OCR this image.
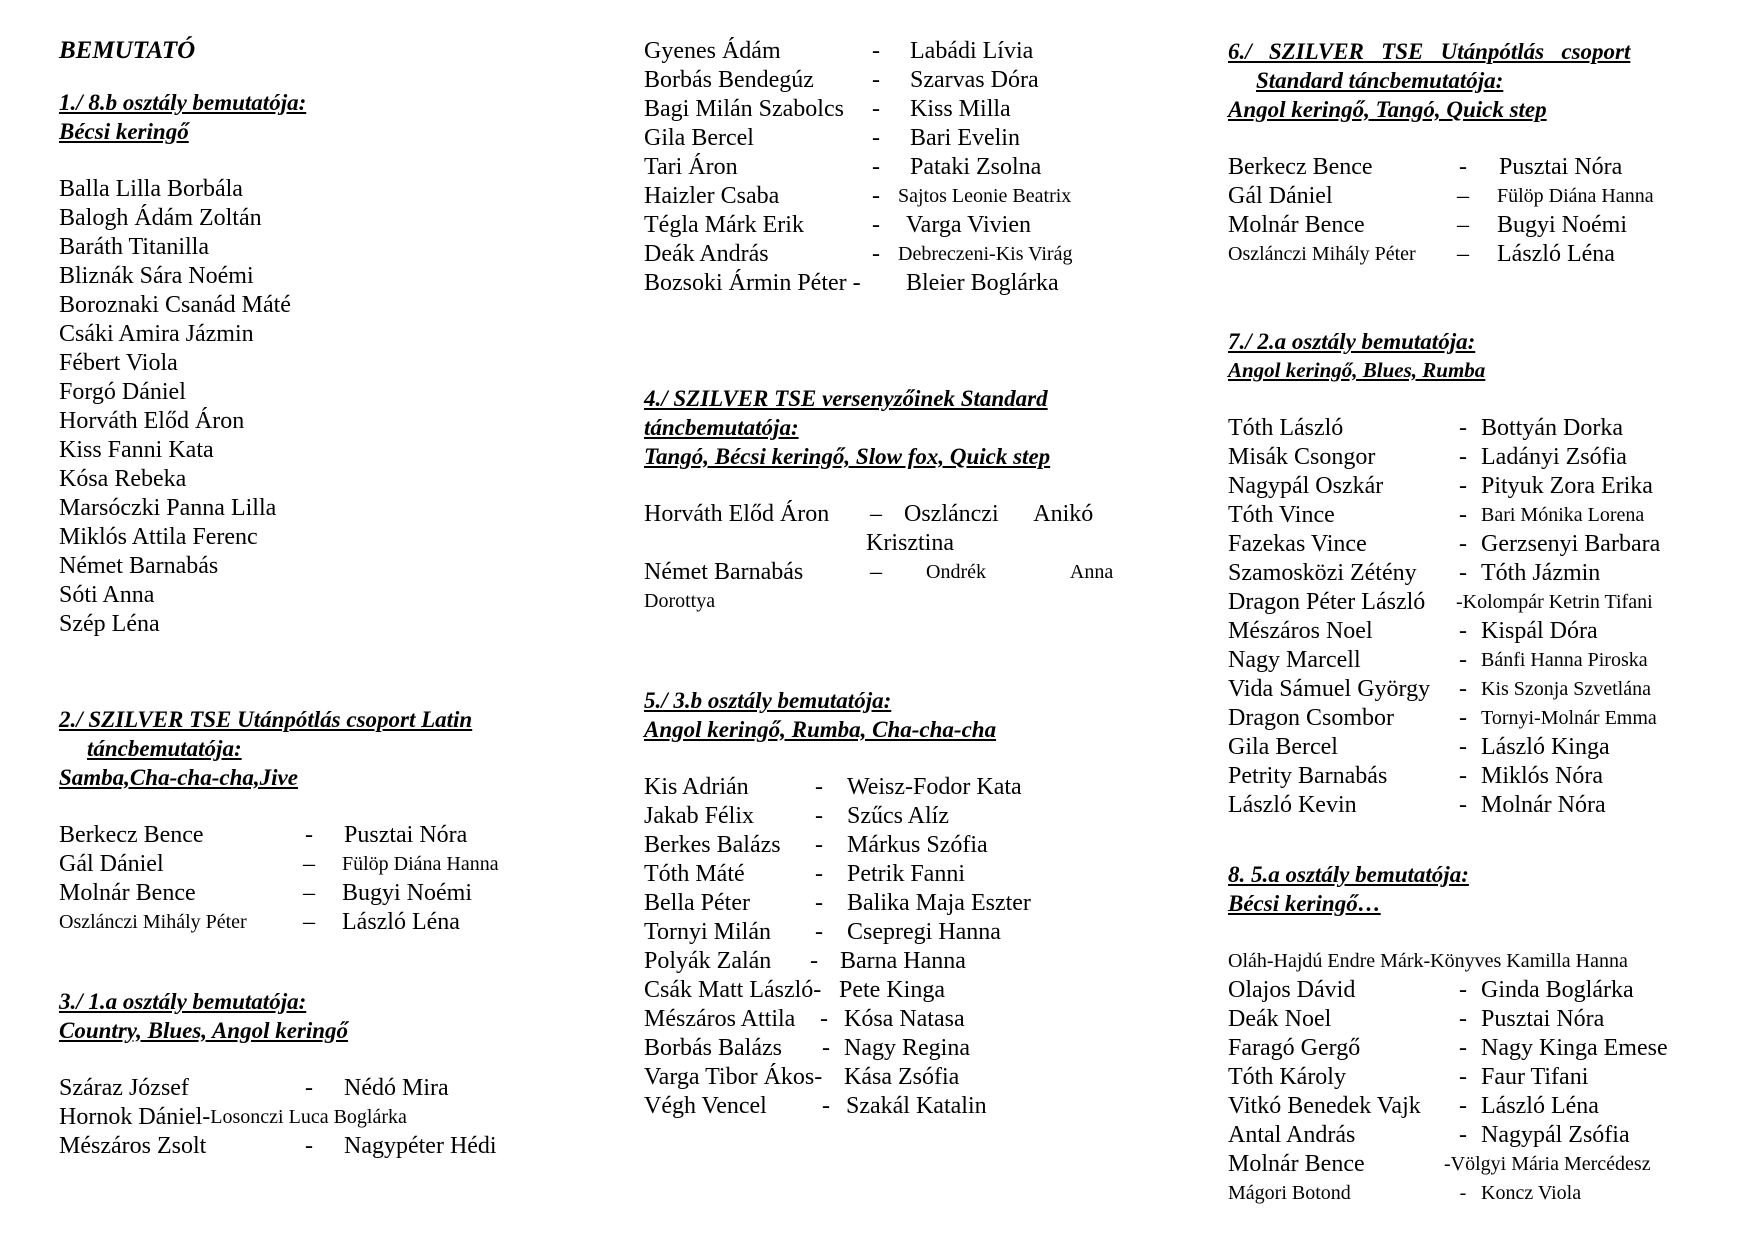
BEMUTATÓ

1./ 8.b osztály bemutatója:

Bécsi keringő

Balla Lilla Borbála
Balogh Ádám Zoltán
Baráth Titanilla
Bliznák Sára Noémi
Boroznaki Csanád Máté
Csáki Amira Jázmin
Fébert Viola
Forgó Dániel
Horváth Előd Áron
Kiss Fanni Kata
Kósa Rebeka
Marsóczki Panna Lilla
Miklós Attila Ferenc
Német Barnabás
Sóti Anna
Szép Léna

2./ SZILVER TSE Utánpótlás csoport Latin

táncbemutatója:

Samba,Cha-cha-cha,Jive

Berkecz Bence	-	Pusztai Nóra
Gál Dániel	–	Fülöp Diána Hanna
Molnár Bence	–	Bugyi Noémi
Oszlánczi Mihály Péter	–	László Léna

3./ 1.a osztály bemutatója:

Country, Blues, Angol keringő

Száraz József	-	Nédó Mira
Hornok Dániel- Losonczi Luca Boglárka
Mészáros Zsolt	-	Nagypéter Hédi
Gyenes Ádám	-	Labádi Lívia
Borbás Bendegúz	-	Szarvas Dóra
Bagi Milán Szabolcs	-	Kiss Milla
Gila Bercel	-	Bari Evelin
Tari Áron	-	Pataki Zsolna
Haizler Csaba	- Sajtos Leonie Beatrix
Tégla Márk Erik	-	Varga Vivien
Deák András	- Debreczeni-Kis Virág
Bozsoki Ármin Péter -	Bleier Boglárka

4./ SZILVER TSE versenyzőinek Standard

táncbemutatója:

Tangó, Bécsi keringő, Slow fox, Quick step

Horváth Előd Áron	– Oszlánczi Anikó
Krisztina
Német Barnabás	–	Ondrék Anna
Dorottya

5./ 3.b osztály bemutatója:

Angol keringő, Rumba, Cha-cha-cha

Kis Adrián	-	Weisz-Fodor Kata
Jakab Félix	-	Szűcs Alíz
Berkes Balázs	-	Márkus Szófia
Tóth Máté	-	Petrik Fanni
Bella Péter	-	Balika Maja Eszter
Tornyi Milán	-	Csepregi Hanna
Polyák Zalán	- Barna Hanna
Csák Matt László- Pete Kinga
Mészáros Attila	- Kósa Natasa
Borbás Balázs	- Nagy Regina
Varga Tibor Ákos- Kása Zsófia
Végh Vencel	- Szakál Katalin

6./   SZILVER   TSE   Utánpótlás   csoport

Standard táncbemutatója:

Angol keringő, Tangó, Quick step

Berkecz Bence	-	Pusztai Nóra
Gál Dániel	–	Fülöp Diána Hanna
Molnár Bence	–	Bugyi Noémi
Oszlánczi Mihály Péter	–	László Léna

7./ 2.a osztály bemutatója:

Angol keringő, Blues, Rumba

Tóth László	- Bottyán Dorka
Misák Csongor	- Ladányi Zsófia
Nagypál Oszkár	- Pityuk Zora Erika
Tóth Vince	- Bari Mónika Lorena
Fazekas Vince	- Gerzsenyi Barbara
Szamosközi Zétény	- Tóth Jázmin
Dragon Péter László	-Kolompár Ketrin Tifani
Mészáros Noel	- Kispál Dóra
Nagy Marcell	- Bánfi Hanna Piroska
Vida Sámuel György	- Kis Szonja Szvetlána
Dragon Csombor	- Tornyi-Molnár Emma
Gila Bercel	- László Kinga
Petrity Barnabás	- Miklós Nóra
László Kevin	- Molnár Nóra

8. 5.a osztály bemutatója:

Bécsi keringő…

Oláh-Hajdú Endre Márk-Könyves Kamilla Hanna
Olajos Dávid	- Ginda Boglárka
Deák Noel	- Pusztai Nóra
Faragó Gergő	- Nagy Kinga Emese
Tóth Károly	- Faur Tifani
Vitkó Benedek Vajk	- László Léna
Antal András	- Nagypál Zsófia
Molnár Bence	-Völgyi Mária Mercédesz
Mágori Botond	- Koncz Viola
